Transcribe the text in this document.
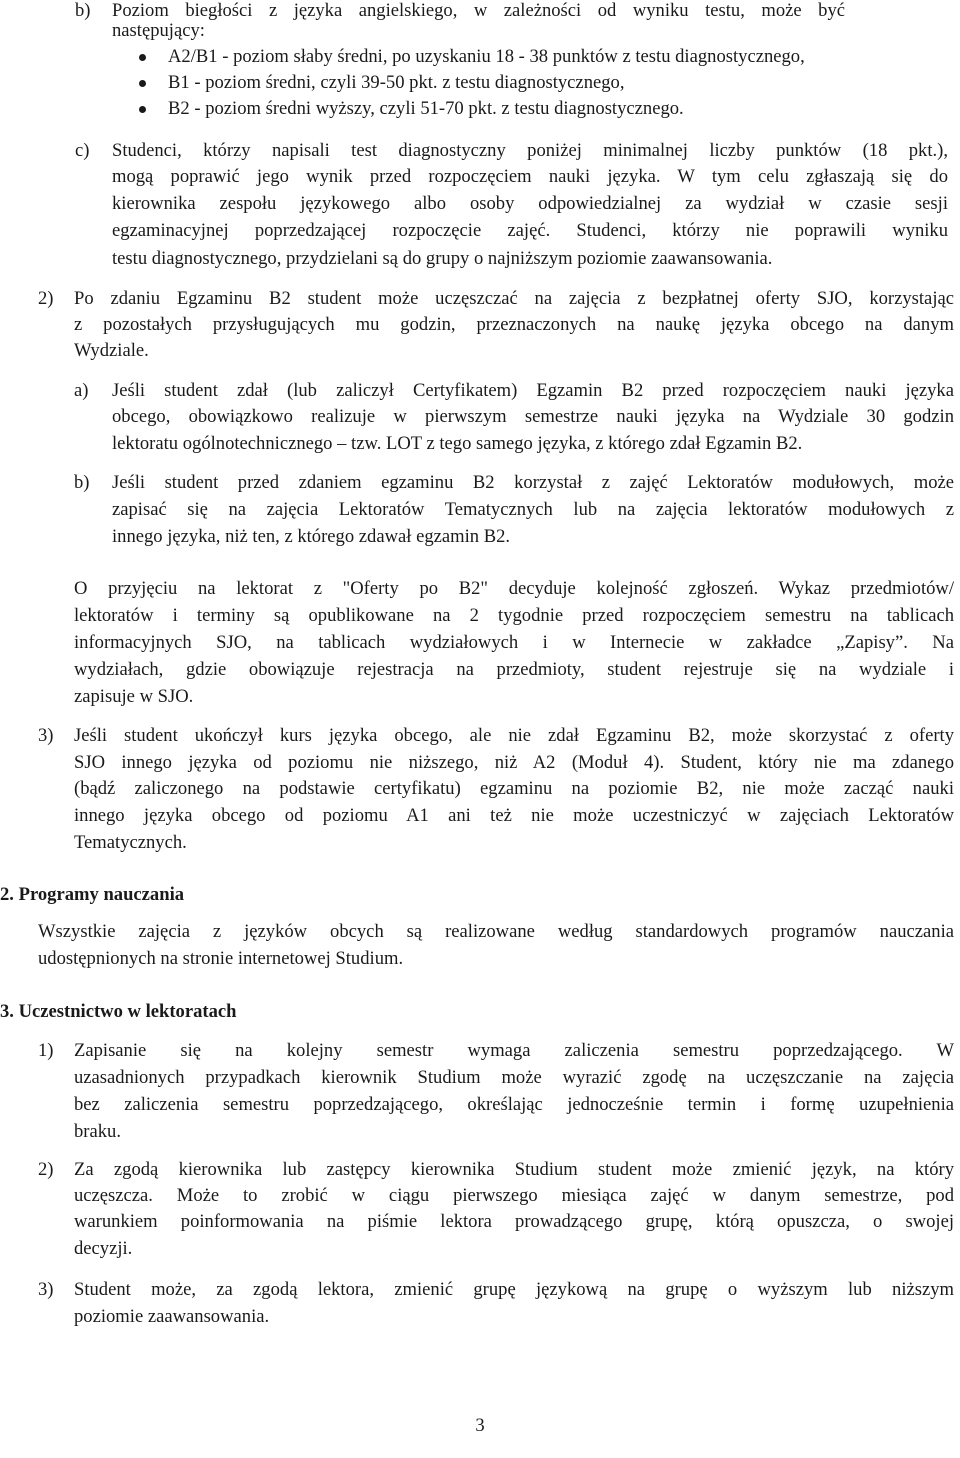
b) Poziom biegłości z języka angielskiego, w zależności od wyniku testu, może być
następujący:
A2/B1 - poziom słaby średni, po uzyskaniu 18 - 38 punktów z testu diagnostycznego,
B1 - poziom średni, czyli 39-50 pkt. z testu diagnostycznego,
B2 - poziom średni wyższy, czyli 51-70 pkt. z testu diagnostycznego.
c) Studenci, którzy napisali test diagnostyczny poniżej minimalnej liczby punktów (18 pkt.),
mogą poprawić jego wynik przed rozpoczęciem nauki języka. W tym celu zgłaszają się do
kierownika zespołu językowego albo osoby odpowiedzialnej za wydział w czasie sesji
egzaminacyjnej poprzedzającej rozpoczęcie zajęć. Studenci, którzy nie poprawili wyniku
testu diagnostycznego, przydzielani są do grupy o najniższym poziomie zaawansowania.
2) Po zdaniu Egzaminu B2 student może uczęszczać na zajęcia z bezpłatnej oferty SJO, korzystając
z pozostałych przysługujących mu godzin, przeznaczonych na naukę języka obcego na danym
Wydziale.
a) Jeśli student zdał (lub zaliczył Certyfikatem) Egzamin B2 przed rozpoczęciem nauki języka
obcego, obowiązkowo realizuje w pierwszym semestrze nauki języka na Wydziale 30 godzin
lektoratu ogólnotechnicznego – tzw. LOT z tego samego języka, z którego zdał Egzamin B2.
b) Jeśli student przed zdaniem egzaminu B2 korzystał z zajęć Lektoratów modułowych, może
zapisać się na zajęcia Lektoratów Tematycznych lub na zajęcia lektoratów modułowych z
innego języka, niż ten, z którego zdawał egzamin B2.
O przyjęciu na lektorat z "Oferty po B2" decyduje kolejność zgłoszeń. Wykaz przedmiotów/
lektoratów i terminy są opublikowane na 2 tygodnie przed rozpoczęciem semestru na tablicach
informacyjnych SJO, na tablicach wydziałowych i w Internecie w zakładce „Zapisy”. Na
wydziałach, gdzie obowiązuje rejestracja na przedmioty, student rejestruje się na wydziale i
zapisuje w SJO.
3) Jeśli student ukończył kurs języka obcego, ale nie zdał Egzaminu B2, może skorzystać z oferty
SJO innego języka od poziomu nie niższego, niż A2 (Moduł 4). Student, który nie ma zdanego
(bądź zaliczonego na podstawie certyfikatu) egzaminu na poziomie B2, nie może zacząć nauki
innego języka obcego od poziomu A1 ani też nie może uczestniczyć w zajęciach Lektoratów
Tematycznych.
2. Programy nauczania
Wszystkie zajęcia z języków obcych są realizowane według standardowych programów nauczania
udostępnionych na stronie internetowej Studium.
3. Uczestnictwo w lektoratach
1) Zapisanie się na kolejny semestr wymaga zaliczenia semestru poprzedzającego. W
uzasadnionych przypadkach kierownik Studium może wyrazić zgodę na uczęszczanie na zajęcia
bez zaliczenia semestru poprzedzającego, określając jednocześnie termin i formę uzupełnienia
braku.
2) Za zgodą kierownika lub zastępcy kierownika Studium student może zmienić język, na który
uczęszcza. Może to zrobić w ciągu pierwszego miesiąca zajęć w danym semestrze, pod
warunkiem poinformowania na piśmie lektora prowadzącego grupę, którą opuszcza, o swojej
decyzji.
3) Student może, za zgodą lektora, zmienić grupę językową na grupę o wyższym lub niższym
poziomie zaawansowania.
3
